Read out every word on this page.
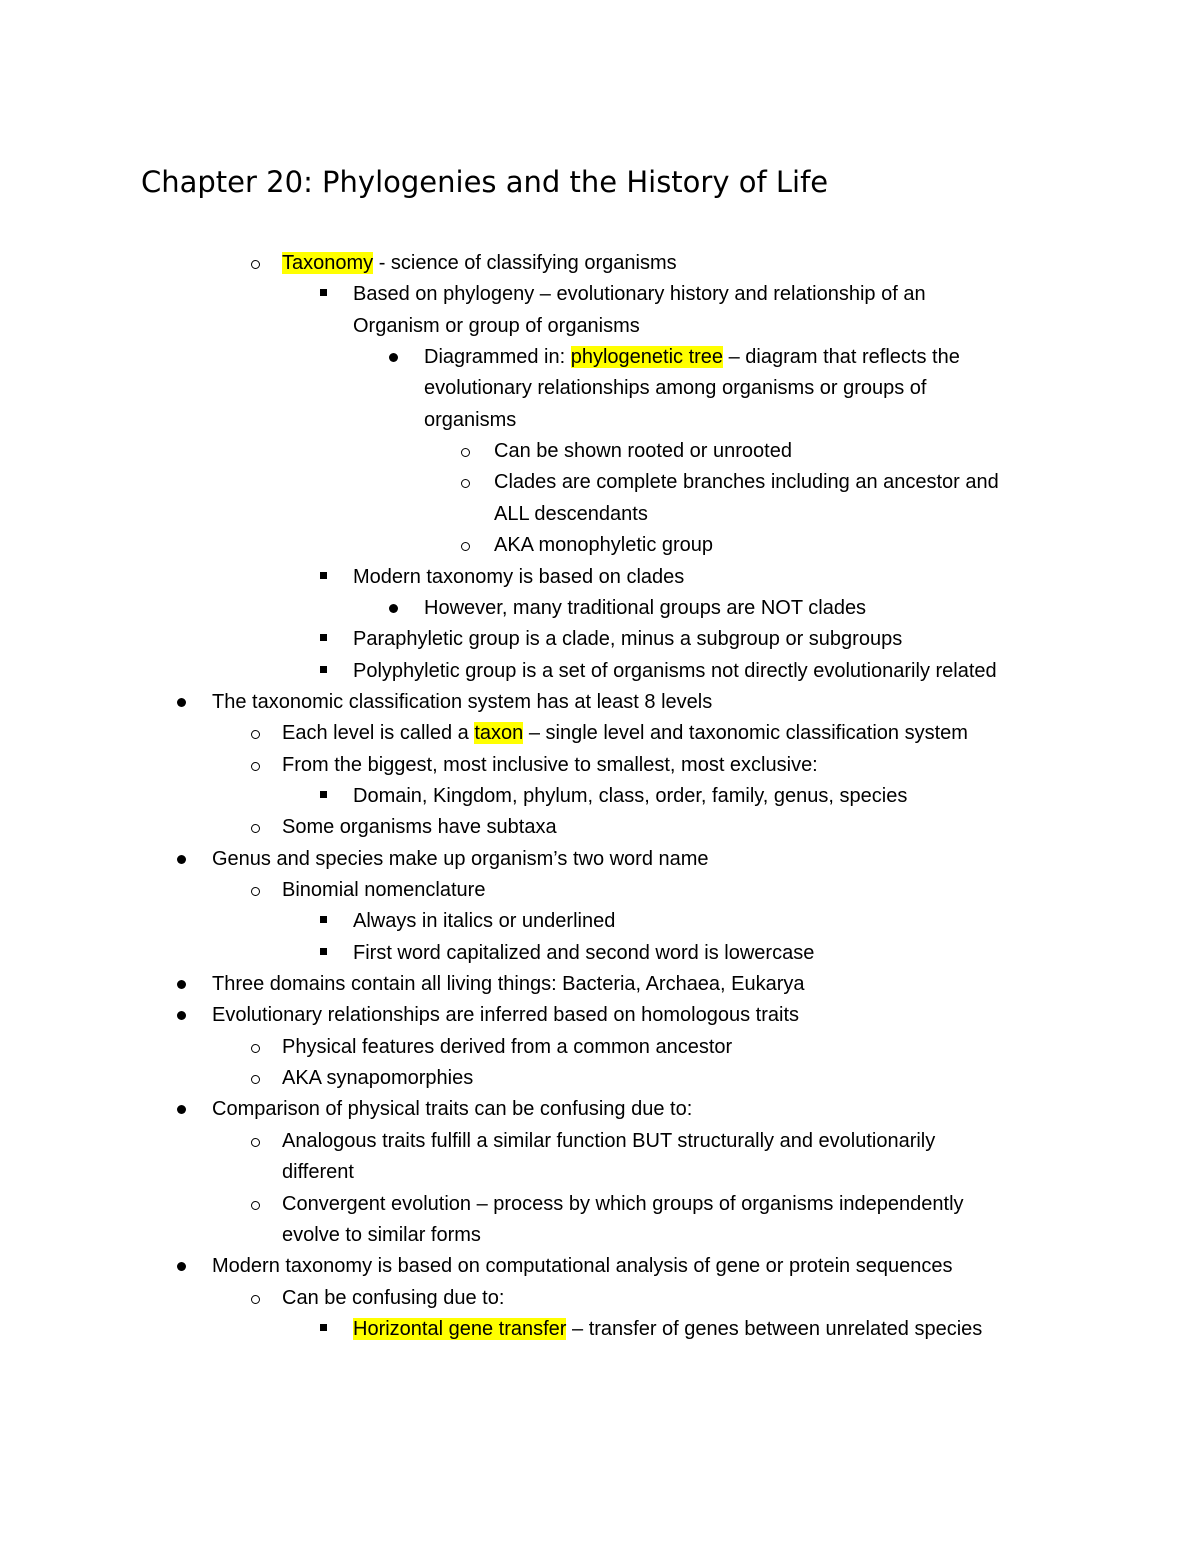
Chapter 20: Phylogenies and the History of Life
Taxonomy - science of classifying organisms
Based on phylogeny – evolutionary history and relationship of an
Organism or group of organisms
Diagrammed in: phylogenetic tree – diagram that reflects the
evolutionary relationships among organisms or groups of
organisms
Can be shown rooted or unrooted
Clades are complete branches including an ancestor and
ALL descendants
AKA monophyletic group
Modern taxonomy is based on clades
However, many traditional groups are NOT clades
Paraphyletic group is a clade, minus a subgroup or subgroups
Polyphyletic group is a set of organisms not directly evolutionarily related
The taxonomic classification system has at least 8 levels
Each level is called a taxon – single level and taxonomic classification system
From the biggest, most inclusive to smallest, most exclusive:
Domain, Kingdom, phylum, class, order, family, genus, species
Some organisms have subtaxa
Genus and species make up organism’s two word name
Binomial nomenclature
Always in italics or underlined
First word capitalized and second word is lowercase
Three domains contain all living things: Bacteria, Archaea, Eukarya
Evolutionary relationships are inferred based on homologous traits
Physical features derived from a common ancestor
AKA synapomorphies
Comparison of physical traits can be confusing due to:
Analogous traits fulfill a similar function BUT structurally and evolutionarily
different
Convergent evolution – process by which groups of organisms independently
evolve to similar forms
Modern taxonomy is based on computational analysis of gene or protein sequences
Can be confusing due to:
Horizontal gene transfer – transfer of genes between unrelated species
